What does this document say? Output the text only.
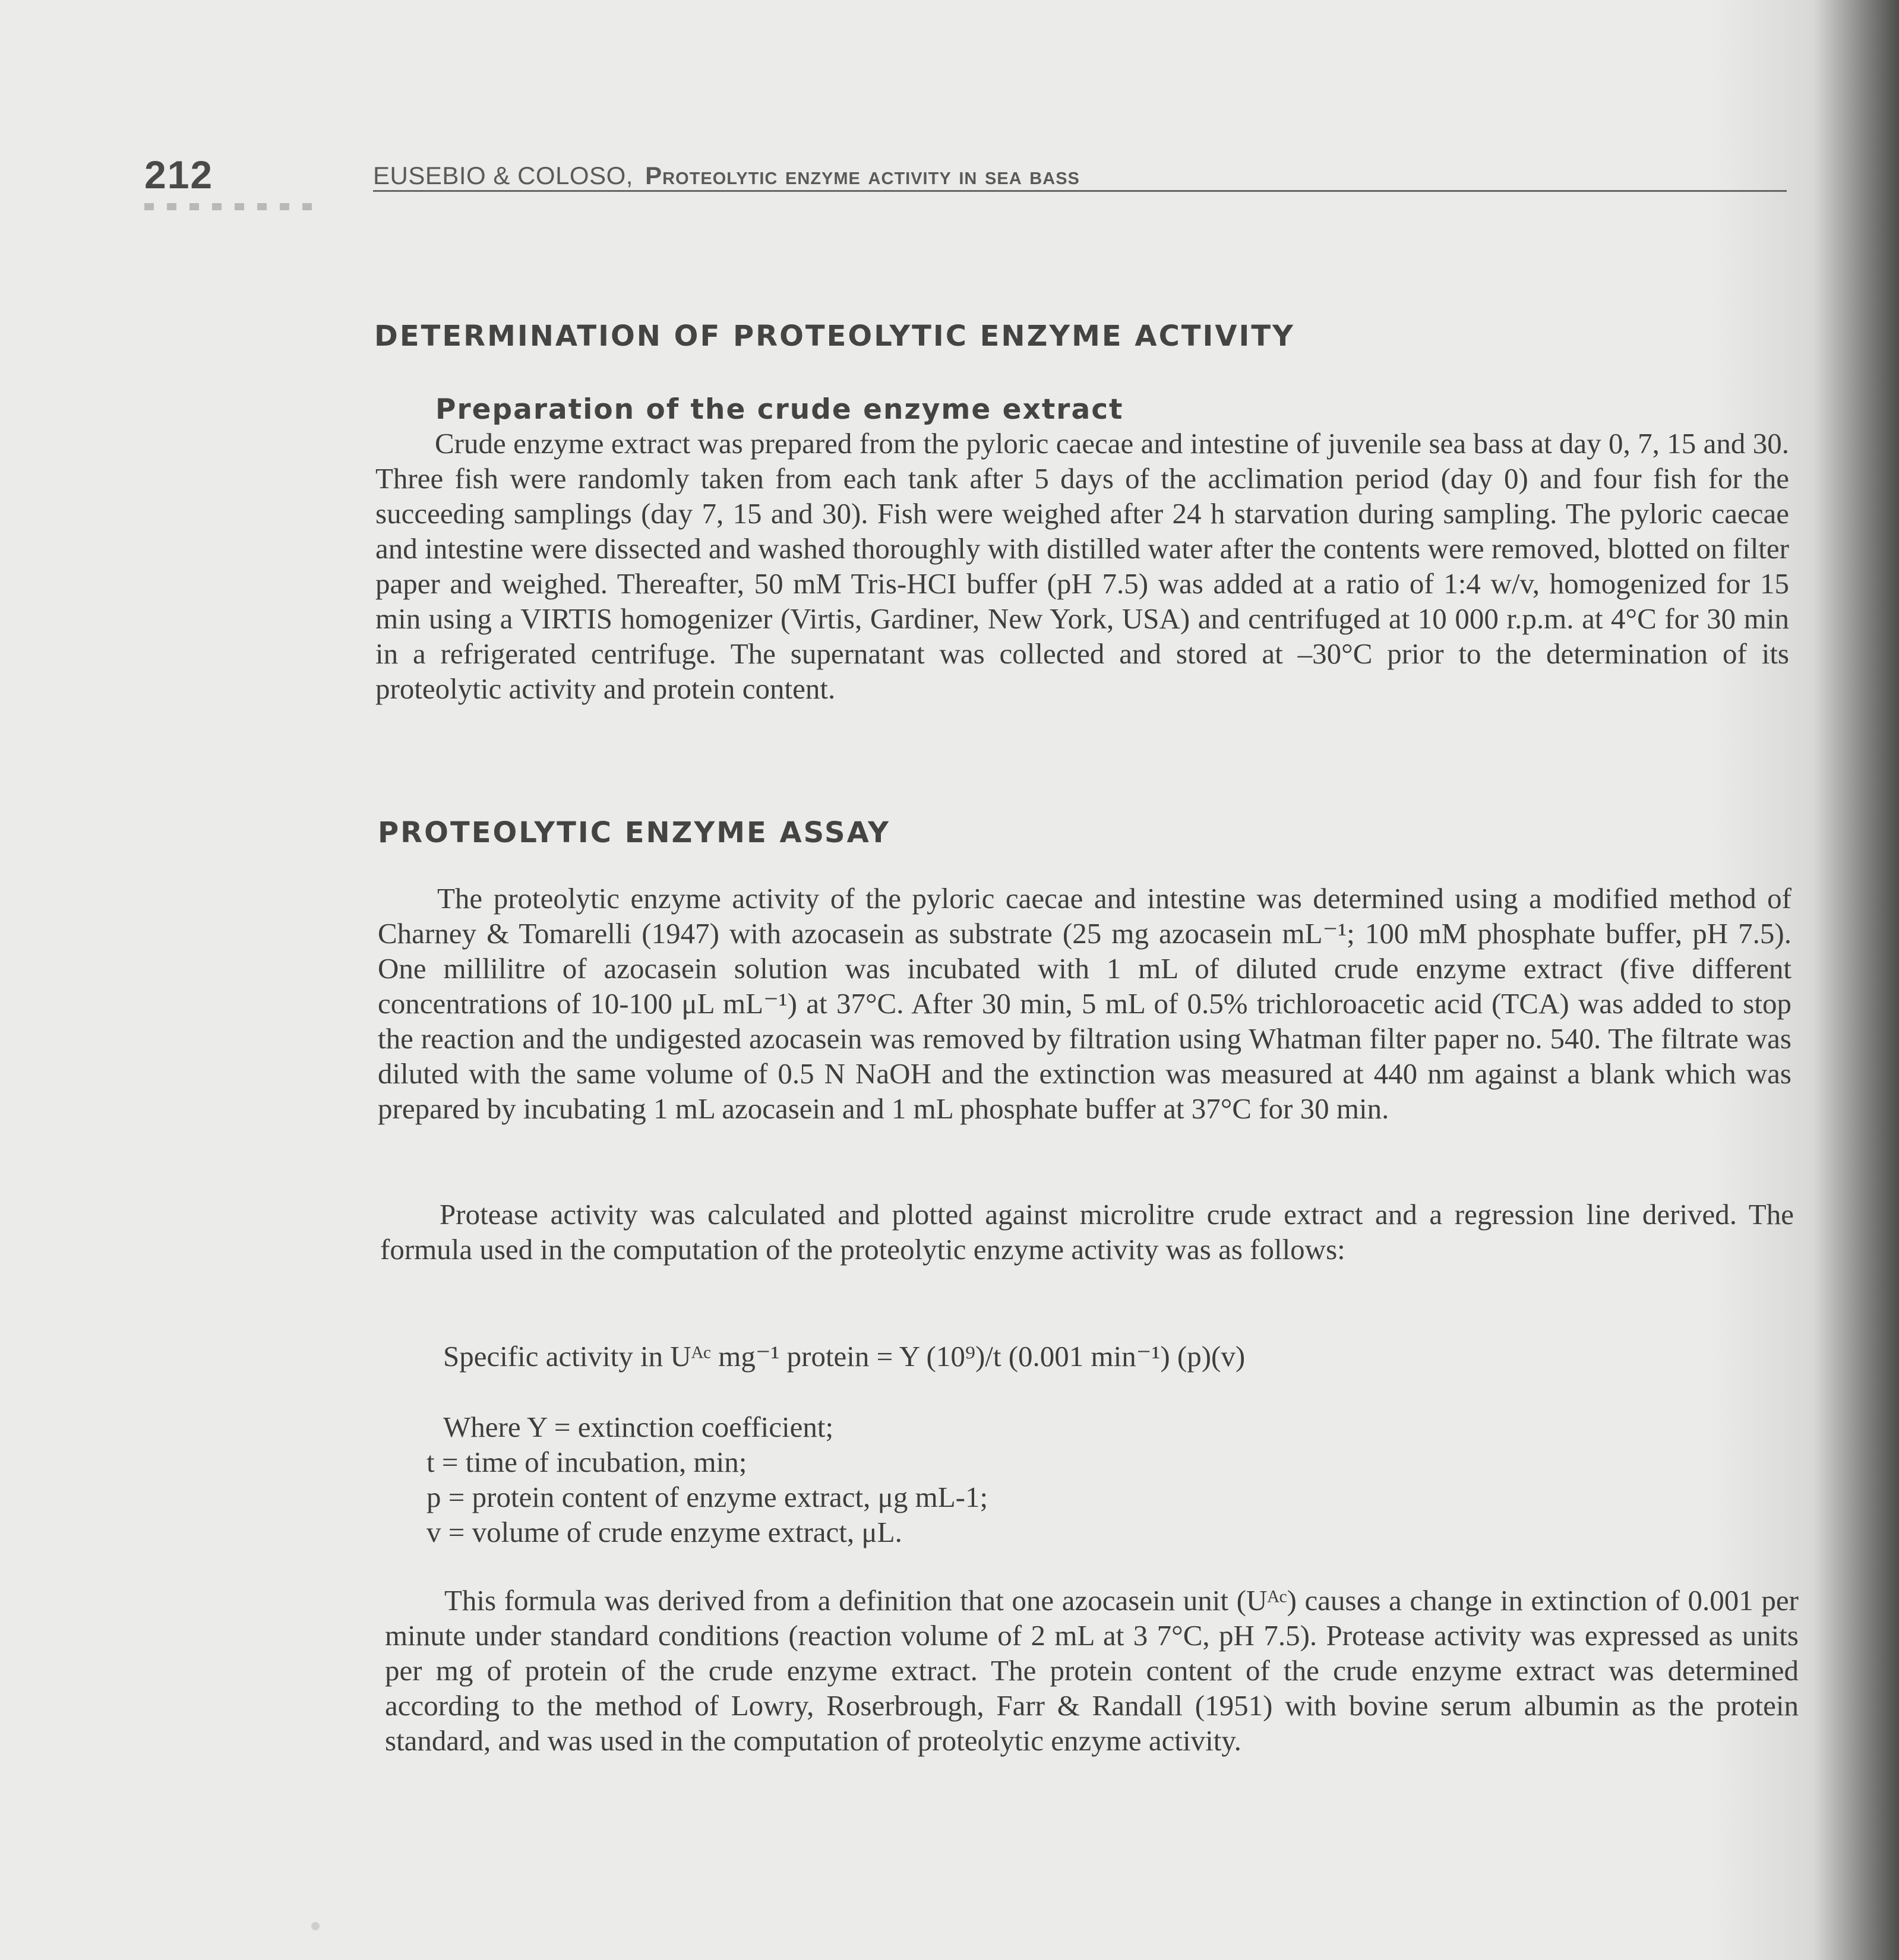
212	EUSEBIO & COLOSO, Proteolytic enzyme activity in sea bass
DETERMINATION OF PROTEOLYTIC ENZYME ACTIVITY
Preparation of the crude enzyme extract

Crude enzyme extract was prepared from the pyloric caecae and intestine of juvenile sea bass at day 0, 7, 15 and 30. Three fish were randomly taken from each tank after 5 days of the acclimation period (day 0) and four fish for the succeeding samplings (day 7, 15 and 30). Fish were weighed after 24 h starvation during sampling. The pyloric caecae and intestine were dissected and washed thoroughly with distilled water after the contents were removed, blotted on filter paper and weighed. Thereafter, 50 mM Tris-HCI buffer (pH 7.5) was added at a ratio of 1:4 w/v, homogenized for 15 min using a VIRTIS homogenizer (Virtis, Gardiner, New York, USA) and centrifuged at 10 000 r.p.m. at 4°C for 30 min in a refrigerated centrifuge. The supernatant was collected and stored at –30°C prior to the determination of its proteolytic activity and protein content.

PROTEOLYTIC ENZYME ASSAY

The proteolytic enzyme activity of the pyloric caecae and intestine was determined using a modified method of Charney & Tomarelli (1947) with azocasein as substrate (25 mg azocasein mL⁻¹; 100 mM phosphate buffer, pH 7.5). One millilitre of azocasein solution was incubated with 1 mL of diluted crude enzyme extract (five different concentrations of 10-100 μL mL⁻¹) at 37°C. After 30 min, 5 mL of 0.5% trichloroacetic acid (TCA) was added to stop the reaction and the undigested azocasein was removed by filtration using Whatman filter paper no. 540. The filtrate was diluted with the same volume of 0.5 N NaOH and the extinction was measured at 440 nm against a blank which was prepared by incubating 1 mL azocasein and 1 mL phosphate buffer at 37°C for 30 min.

Protease activity was calculated and plotted against microlitre crude extract and a regression line derived. The formula used in the computation of the proteolytic enzyme activity was as follows:

Specific activity in Uᴬᶜ mg⁻¹ protein = Y (10⁹)/t (0.001 min⁻¹) (p)(v)
Where Y = extinction coefficient;
t = time of incubation, min;
p = protein content of enzyme extract, μg mL-1;
v = volume of crude enzyme extract, μL.

This formula was derived from a definition that one azocasein unit (Uᴬᶜ) causes a change in extinction of 0.001 per minute under standard conditions (reaction volume of 2 mL at 3 7°C, pH 7.5). Protease activity was expressed as units per mg of protein of the crude enzyme extract. The protein content of the crude enzyme extract was determined according to the method of Lowry, Roserbrough, Farr & Randall (1951) with bovine serum albumin as the protein standard, and was used in the computation of proteolytic enzyme activity.
